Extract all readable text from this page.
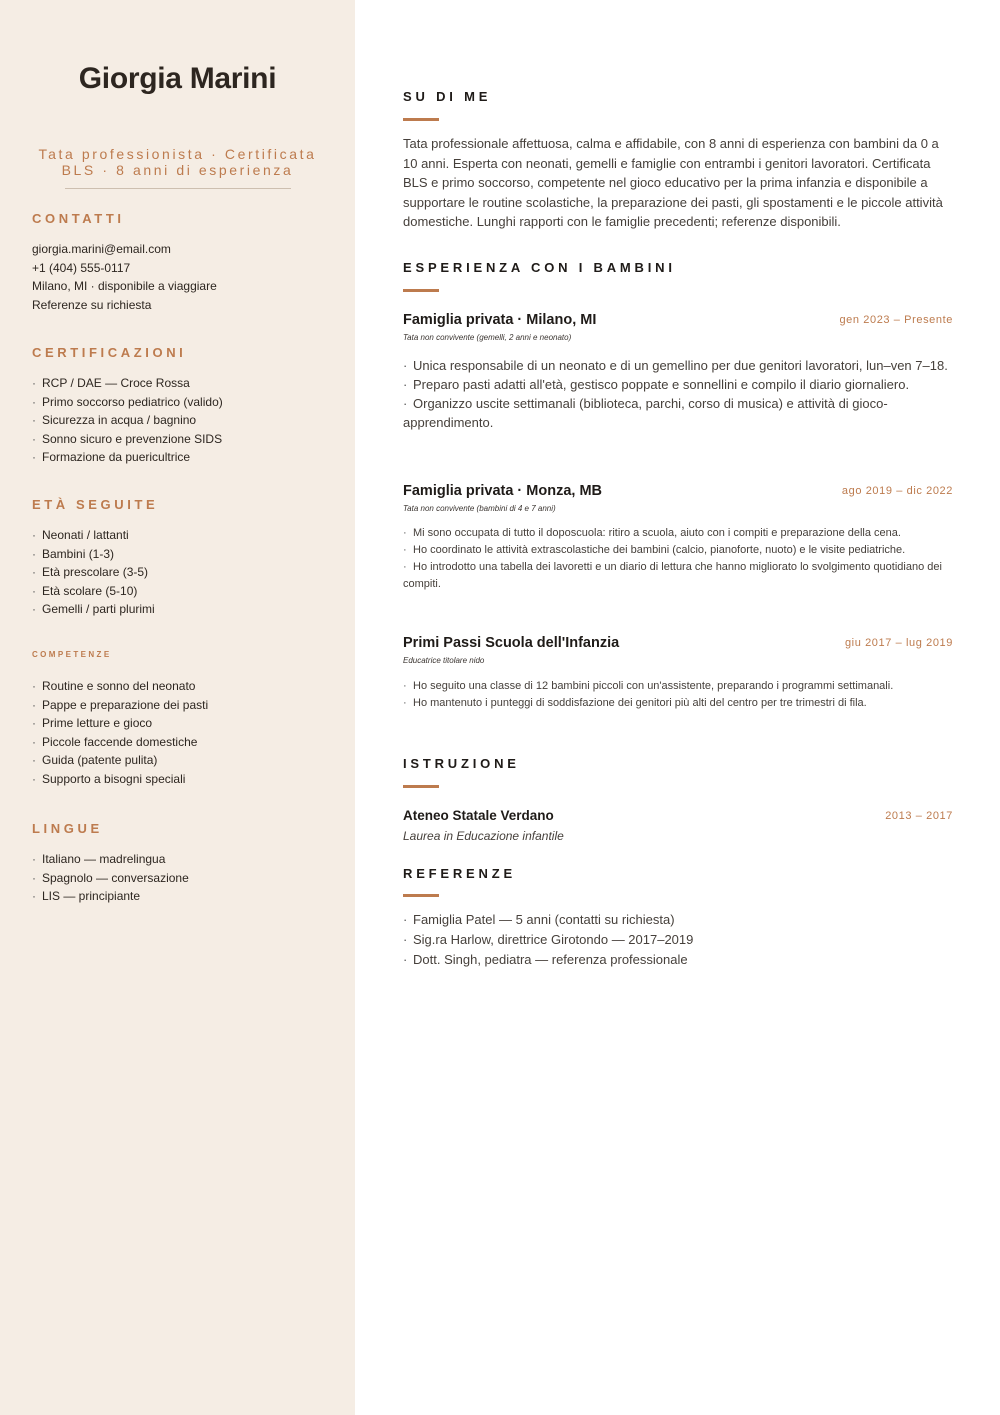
Giorgia Marini
Tata professionista · Certificata
BLS · 8 anni di esperienza
CONTATTI
giorgia.marini@email.com
+1 (404) 555-0117
Milano, MI · disponibile a viaggiare
Referenze su richiesta
CERTIFICAZIONI
· RCP / DAE — Croce Rossa
· Primo soccorso pediatrico (valido)
· Sicurezza in acqua / bagnino
· Sonno sicuro e prevenzione SIDS
· Formazione da puericultrice
ETÀ SEGUITE
· Neonati / lattanti
· Bambini (1-3)
· Età prescolare (3-5)
· Età scolare (5-10)
· Gemelli / parti plurimi
COMPETENZE
· Routine e sonno del neonato
· Pappe e preparazione dei pasti
· Prime letture e gioco
· Piccole faccende domestiche
· Guida (patente pulita)
· Supporto a bisogni speciali
LINGUE
· Italiano — madrelingua
· Spagnolo — conversazione
· LIS — principiante
SU DI ME

Tata professionale affettuosa, calma e affidabile, con 8 anni di esperienza con bambini da 0 a 10 anni. Esperta con neonati, gemelli e famiglie con entrambi i genitori lavoratori. Certificata BLS e primo soccorso, competente nel gioco educativo per la prima infanzia e disponibile a supportare le routine scolastiche, la preparazione dei pasti, gli spostamenti e le piccole attività domestiche. Lunghi rapporti con le famiglie precedenti; referenze disponibili.

ESPERIENZA CON I BAMBINI
Famiglia privata · Milano, MI	gen 2023 – Presente

Tata non convivente (gemelli, 2 anni e neonato)

· Unica responsabile di un neonato e di un gemellino per due genitori lavoratori, lun–ven 7–18.
· Preparo pasti adatti all'età, gestisco poppate e sonnellini e compilo il diario giornaliero.
· Organizzo uscite settimanali (biblioteca, parchi, corso di musica) e attività di gioco-apprendimento.
Famiglia privata · Monza, MB	ago 2019 – dic 2022

Tata non convivente (bambini di 4 e 7 anni)

· Mi sono occupata di tutto il doposcuola: ritiro a scuola, aiuto con i compiti e preparazione della cena.
· Ho coordinato le attività extrascolastiche dei bambini (calcio, pianoforte, nuoto) e le visite pediatriche.
· Ho introdotto una tabella dei lavoretti e un diario di lettura che hanno migliorato lo svolgimento quotidiano dei compiti.
Primi Passi Scuola dell'Infanzia	giu 2017 – lug 2019

Educatrice titolare nido

· Ho seguito una classe di 12 bambini piccoli con un'assistente, preparando i programmi settimanali.
· Ho mantenuto i punteggi di soddisfazione dei genitori più alti del centro per tre trimestri di fila.
ISTRUZIONE
Ateneo Statale Verdano	2013 – 2017

Laurea in Educazione infantile

REFERENZE
· Famiglia Patel — 5 anni (contatti su richiesta)
· Sig.ra Harlow, direttrice Girotondo — 2017–2019
· Dott. Singh, pediatra — referenza professionale
